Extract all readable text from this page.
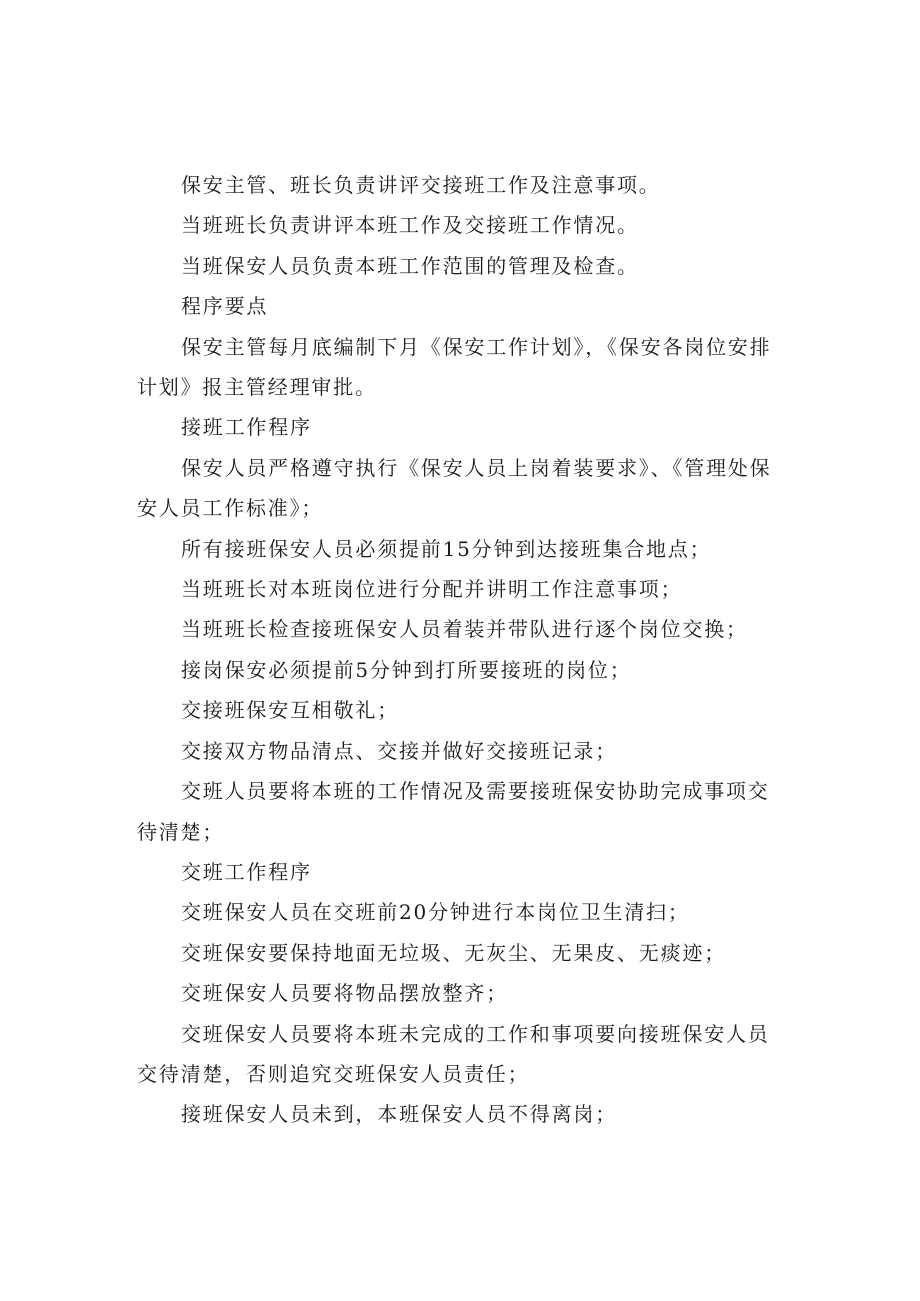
保安主管、班长负责讲评交接班工作及注意事项。

当班班长负责讲评本班工作及交接班工作情况。

当班保安人员负责本班工作范围的管理及检查。

程序要点

保安主管每月底编制下月《保安工作计划》，《保安各岗位安排计划》报主管经理审批。

接班工作程序

保安人员严格遵守执行《保安人员上岗着装要求》、《管理处保安人员工作标准》；

所有接班保安人员必须提前15分钟到达接班集合地点；

当班班长对本班岗位进行分配并讲明工作注意事项；

当班班长检查接班保安人员着装并带队进行逐个岗位交换；

接岗保安必须提前5分钟到打所要接班的岗位；

交接班保安互相敬礼；

交接双方物品清点、交接并做好交接班记录；

交班人员要将本班的工作情况及需要接班保安协助完成事项交待清楚；

交班工作程序

交班保安人员在交班前20分钟进行本岗位卫生清扫；

交班保安要保持地面无垃圾、无灰尘、无果皮、无痰迹；

交班保安人员要将物品摆放整齐；

交班保安人员要将本班未完成的工作和事项要向接班保安人员交待清楚，否则追究交班保安人员责任；

接班保安人员未到，本班保安人员不得离岗；
